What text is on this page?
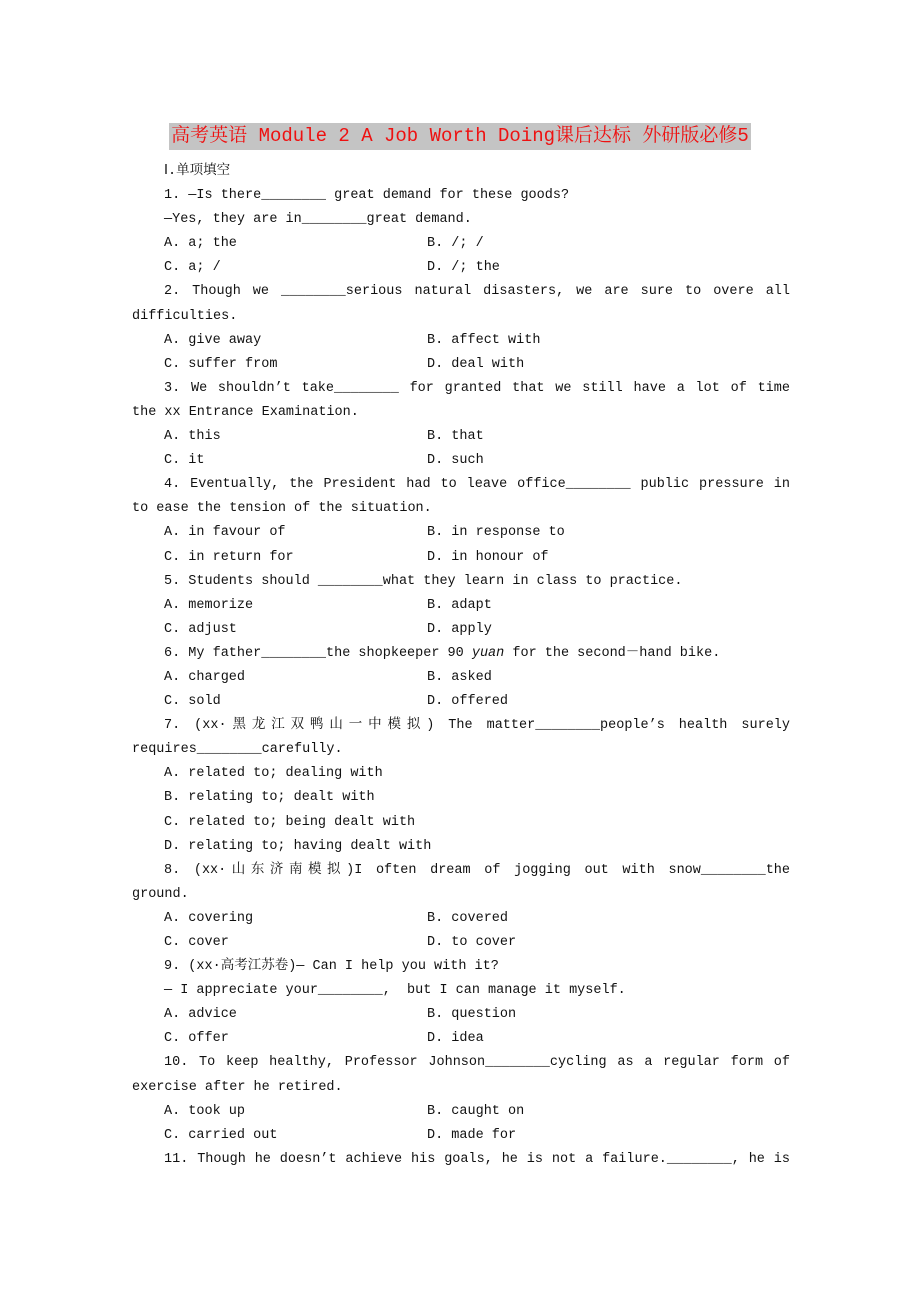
高考英语 Module 2 A Job Worth Doing课后达标 外研版必修5
Ⅰ.单项填空
1. —Is there________ great demand for these goods?
—Yes, they are in________great demand.
A. a; the	B. /; /
C. a; /	D. /; the
2. Though we ________serious natural disasters, we are sure to overe all
difficulties.
A. give away	B. affect with
C. suffer from	D. deal with
3. We shouldn’t take________ for granted that we still have a lot of time
the xx Entrance Examination.
A. this	B. that
C. it	D. such
4. Eventually, the President had to leave office________ public pressure in
to ease the tension of the situation.
A. in favour of	B. in response to
C. in return for	D. in honour of
5. Students should ________what they learn in class to practice.
A. memorize	B. adapt
C. adjust	D. apply
6. My father________the shopkeeper 90 yuan for the second－hand bike.
A. charged	B. asked
C. sold	D. offered
7. (xx·黑龙江双鸭山一中模拟) The matter________people’s health surely
requires________carefully.
A. related to; dealing with
B. relating to; dealt with
C. related to; being dealt with
D. relating to; having dealt with
8. (xx·山东济南模拟)I often dream of jogging out with snow________the
ground.
A. covering	B. covered
C. cover	D. to cover
9. (xx·高考江苏卷)— Can I help you with it?
— I appreciate your________,  but I can manage it myself.
A. advice	B. question
C. offer	D. idea
10. To keep healthy, Professor Johnson________cycling as a regular form of
exercise after he retired.
A. took up	B. caught on
C. carried out	D. made for
11. Though he doesn’t achieve his goals, he is not a failure.________, he is
